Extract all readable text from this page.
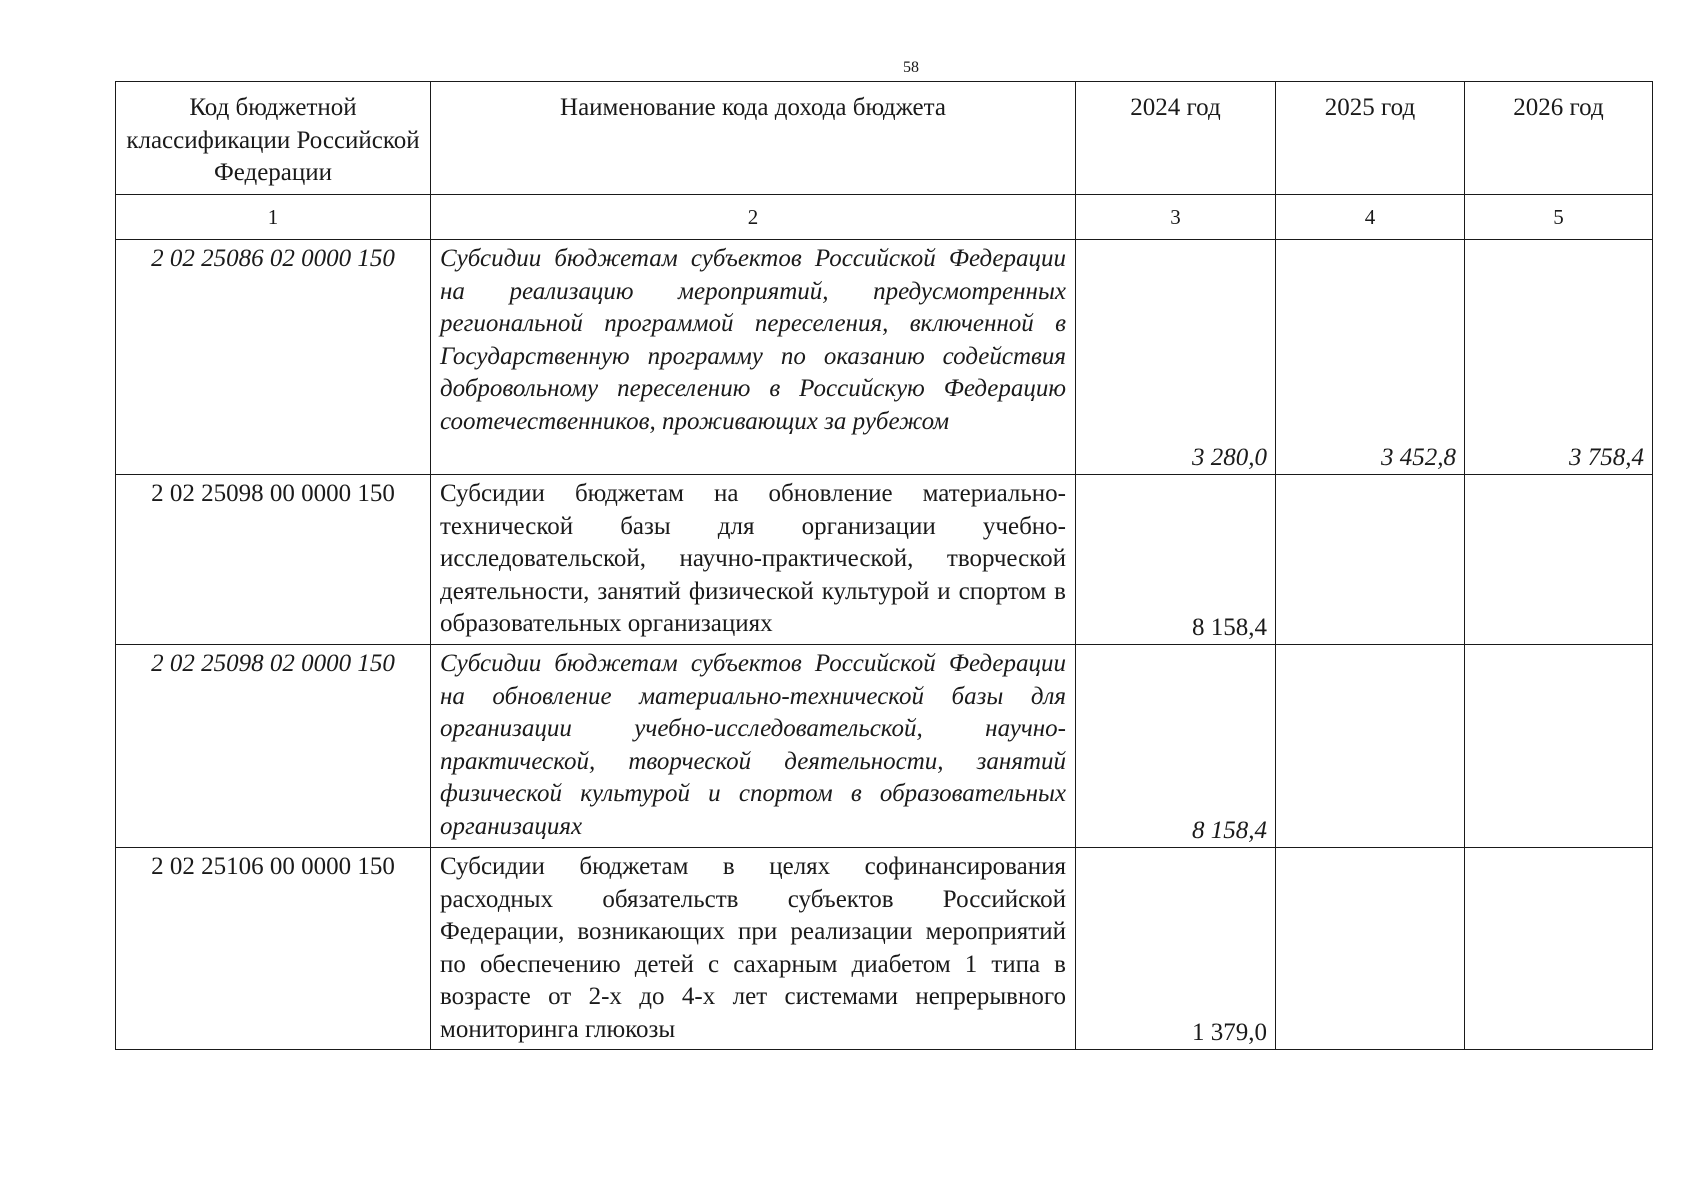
58
Код бюджетной классификации Российской Федерации	Наименование кода дохода бюджета	2024 год	2025 год	2026 год
1	2	3	4	5
2 02 25086 02 0000 150	Субсидии бюджетам субъектов Российской Федерации на реализацию мероприятий, предусмотренных региональной программой переселения, включенной в Государственную программу по оказанию содействия добровольному переселению в Российскую Федерацию соотечественников, проживающих за рубежом	3 280,0	3 452,8	3 758,4
2 02 25098 00 0000 150	Субсидии бюджетам на обновление материально-технической базы для организации учебно-исследовательской, научно-практической, творческой деятельности, занятий физической культурой и спортом в образовательных организациях	8 158,4		
2 02 25098 02 0000 150	Субсидии бюджетам субъектов Российской Федерации на обновление материально-технической базы для организации учебно-исследовательской, научно-практической, творческой деятельности, занятий физической культурой и спортом в образовательных организациях	8 158,4		
2 02 25106 00 0000 150	Субсидии бюджетам в целях софинансирования расходных обязательств субъектов Российской Федерации, возникающих при реализации мероприятий по обеспечению детей с сахарным диабетом 1 типа в возрасте от 2-х до 4-х лет системами непрерывного мониторинга глюкозы	1 379,0		
